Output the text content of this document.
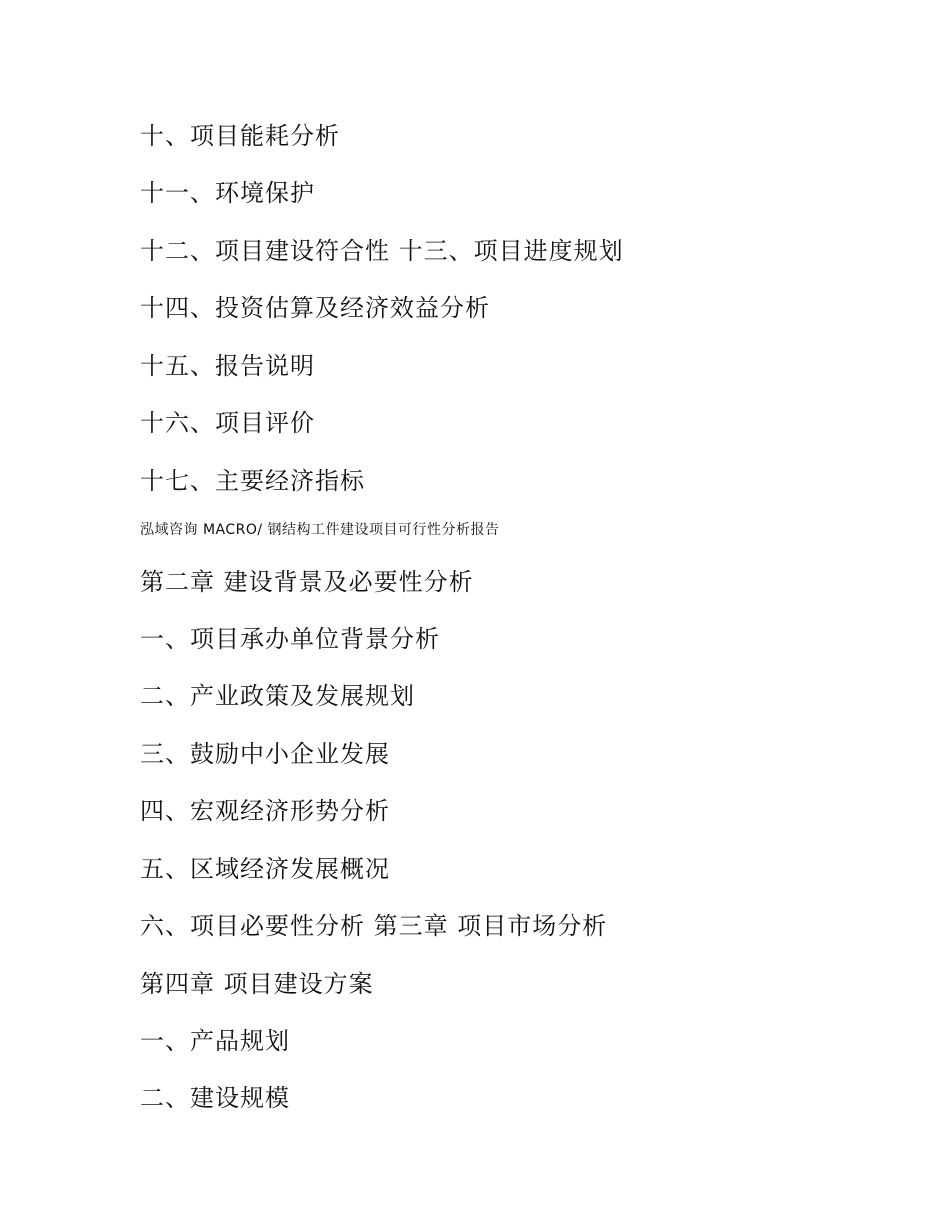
十、项目能耗分析
十一、环境保护
十二、项目建设符合性 十三、项目进度规划
十四、投资估算及经济效益分析
十五、报告说明
十六、项目评价
十七、主要经济指标
泓域咨询 MACRO/ 钢结构工件建设项目可行性分析报告
第二章 建设背景及必要性分析
一、项目承办单位背景分析
二、产业政策及发展规划
三、鼓励中小企业发展
四、宏观经济形势分析
五、区域经济发展概况
六、项目必要性分析 第三章 项目市场分析
第四章 项目建设方案
一、产品规划
二、建设规模
